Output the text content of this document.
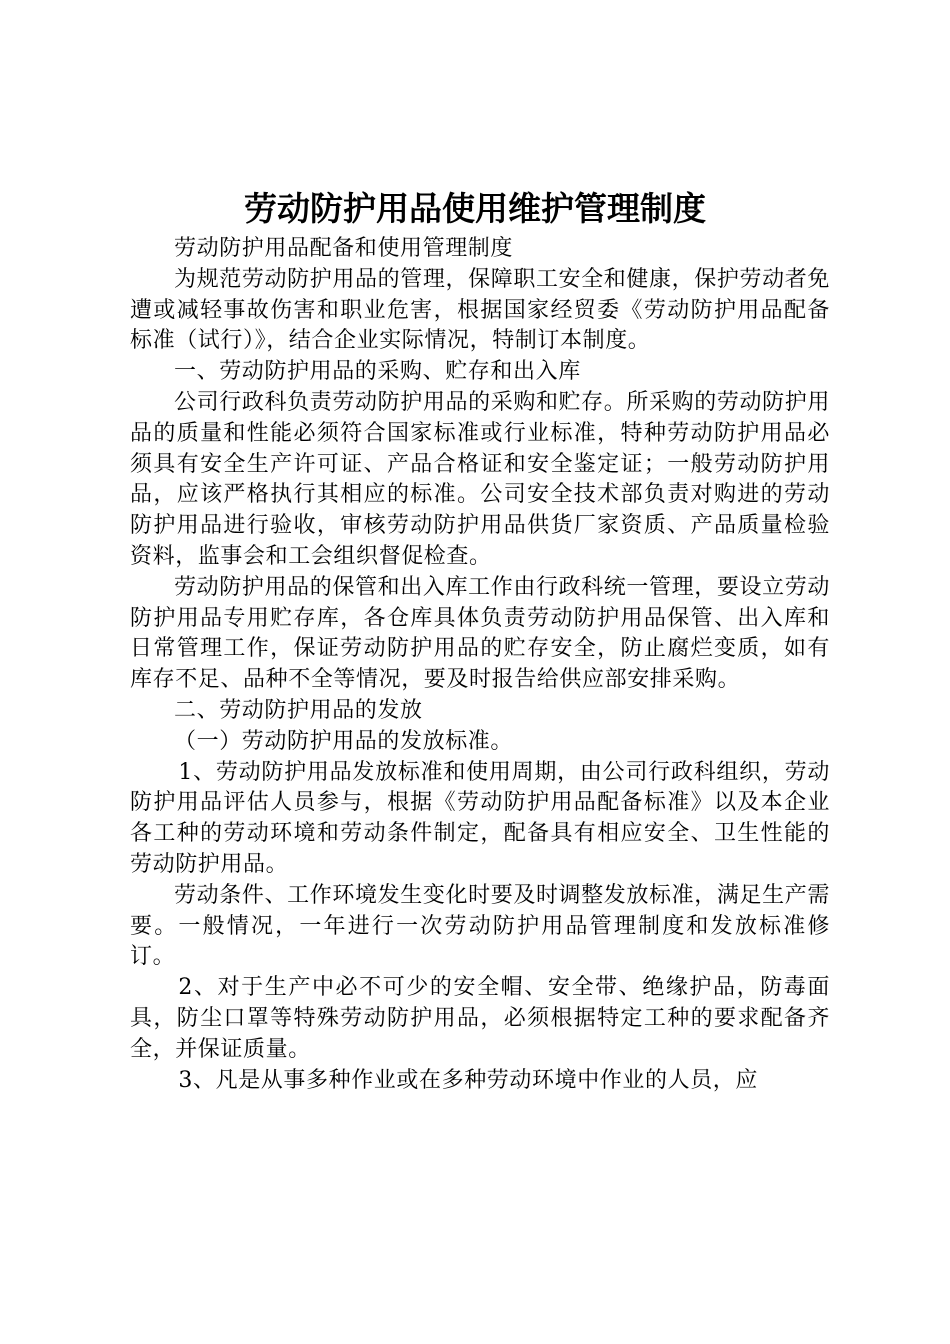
劳动防护用品使用维护管理制度

劳动防护用品配备和使用管理制度

为规范劳动防护用品的管理，保障职工安全和健康，保护劳动者免遭或减轻事故伤害和职业危害，根据国家经贸委《劳动防护用品配备标准（试行）》，结合企业实际情况，特制订本制度。

一、劳动防护用品的采购、贮存和出入库

公司行政科负责劳动防护用品的采购和贮存。所采购的劳动防护用品的质量和性能必须符合国家标准或行业标准，特种劳动防护用品必须具有安全生产许可证、产品合格证和安全鉴定证；一般劳动防护用品，应该严格执行其相应的标准。公司安全技术部负责对购进的劳动防护用品进行验收，审核劳动防护用品供货厂家资质、产品质量检验资料，监事会和工会组织督促检查。

劳动防护用品的保管和出入库工作由行政科统一管理，要设立劳动防护用品专用贮存库，各仓库具体负责劳动防护用品保管、出入库和日常管理工作，保证劳动防护用品的贮存安全，防止腐烂变质，如有库存不足、品种不全等情况，要及时报告给供应部安排采购。

二、劳动防护用品的发放

（一）劳动防护用品的发放标准。

1、劳动防护用品发放标准和使用周期，由公司行政科组织，劳动防护用品评估人员参与，根据《劳动防护用品配备标准》以及本企业各工种的劳动环境和劳动条件制定，配备具有相应安全、卫生性能的劳动防护用品。

劳动条件、工作环境发生变化时要及时调整发放标准，满足生产需要。一般情况，一年进行一次劳动防护用品管理制度和发放标准修订。

2、对于生产中必不可少的安全帽、安全带、绝缘护品，防毒面具，防尘口罩等特殊劳动防护用品，必须根据特定工种的要求配备齐全，并保证质量。

3、凡是从事多种作业或在多种劳动环境中作业的人员，应
